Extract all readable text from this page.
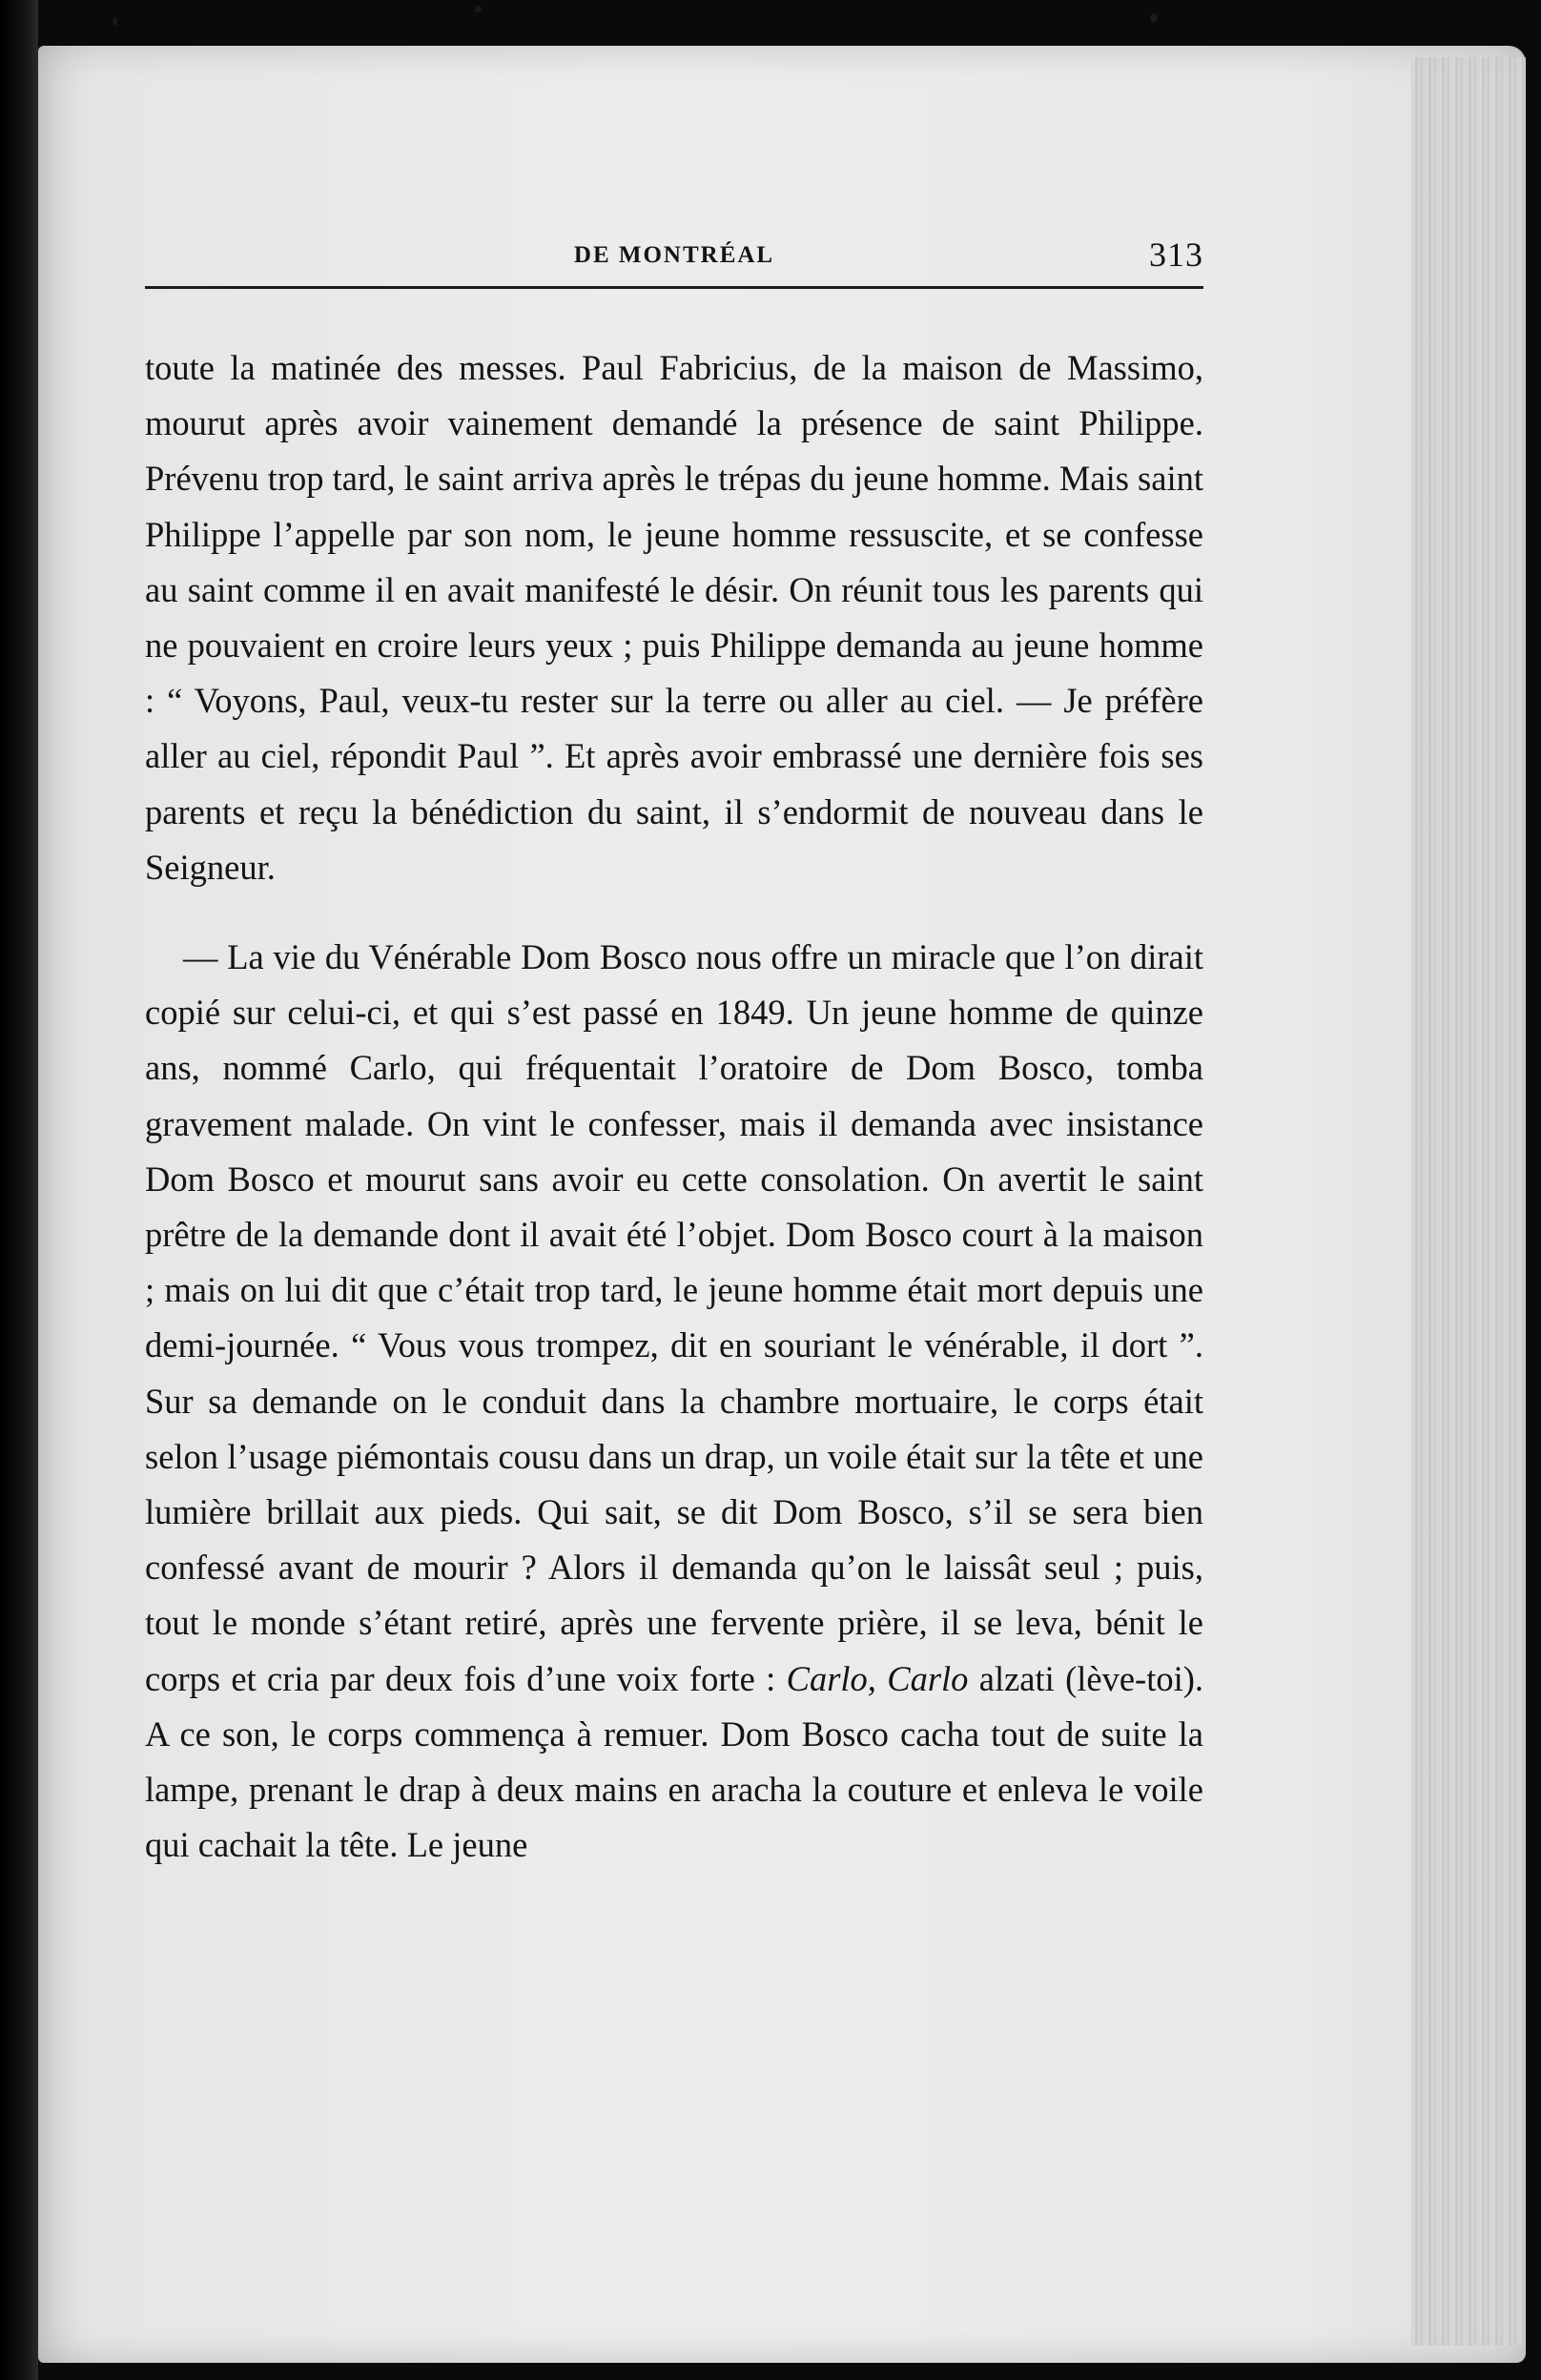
DE MONTRÉAL	313

toute la matinée des messes. Paul Fabricius, de la maison de Massimo, mourut après avoir vainement demandé la présence de saint Philippe. Prévenu trop tard, le saint arriva après le trépas du jeune homme. Mais saint Philippe l’appelle par son nom, le jeune homme ressuscite, et se confesse au saint comme il en avait manifesté le désir. On réunit tous les parents qui ne pouvaient en croire leurs yeux ; puis Philippe demanda au jeune homme : “ Voyons, Paul, veux-tu rester sur la terre ou aller au ciel. — Je préfère aller au ciel, répondit Paul ”. Et après avoir embrassé une dernière fois ses parents et reçu la bénédiction du saint, il s’endormit de nouveau dans le Seigneur.

— La vie du Vénérable Dom Bosco nous offre un miracle que l’on dirait copié sur celui-ci, et qui s’est passé en 1849. Un jeune homme de quinze ans, nommé Carlo, qui fréquentait l’oratoire de Dom Bosco, tomba gravement malade. On vint le confesser, mais il demanda avec insistance Dom Bosco et mourut sans avoir eu cette consolation. On avertit le saint prêtre de la demande dont il avait été l’objet. Dom Bosco court à la maison ; mais on lui dit que c’était trop tard, le jeune homme était mort depuis une demi-journée. “ Vous vous trompez, dit en souriant le vénérable, il dort ”. Sur sa demande on le conduit dans la chambre mortuaire, le corps était selon l’usage piémontais cousu dans un drap, un voile était sur la tête et une lumière brillait aux pieds. Qui sait, se dit Dom Bosco, s’il se sera bien confessé avant de mourir ? Alors il demanda qu’on le laissât seul ; puis, tout le monde s’étant retiré, après une fervente prière, il se leva, bénit le corps et cria par deux fois d’une voix forte : Carlo, Carlo alzati (lève-toi). A ce son, le corps commença à remuer. Dom Bosco cacha tout de suite la lampe, prenant le drap à deux mains en aracha la couture et enleva le voile qui cachait la tête. Le jeune
